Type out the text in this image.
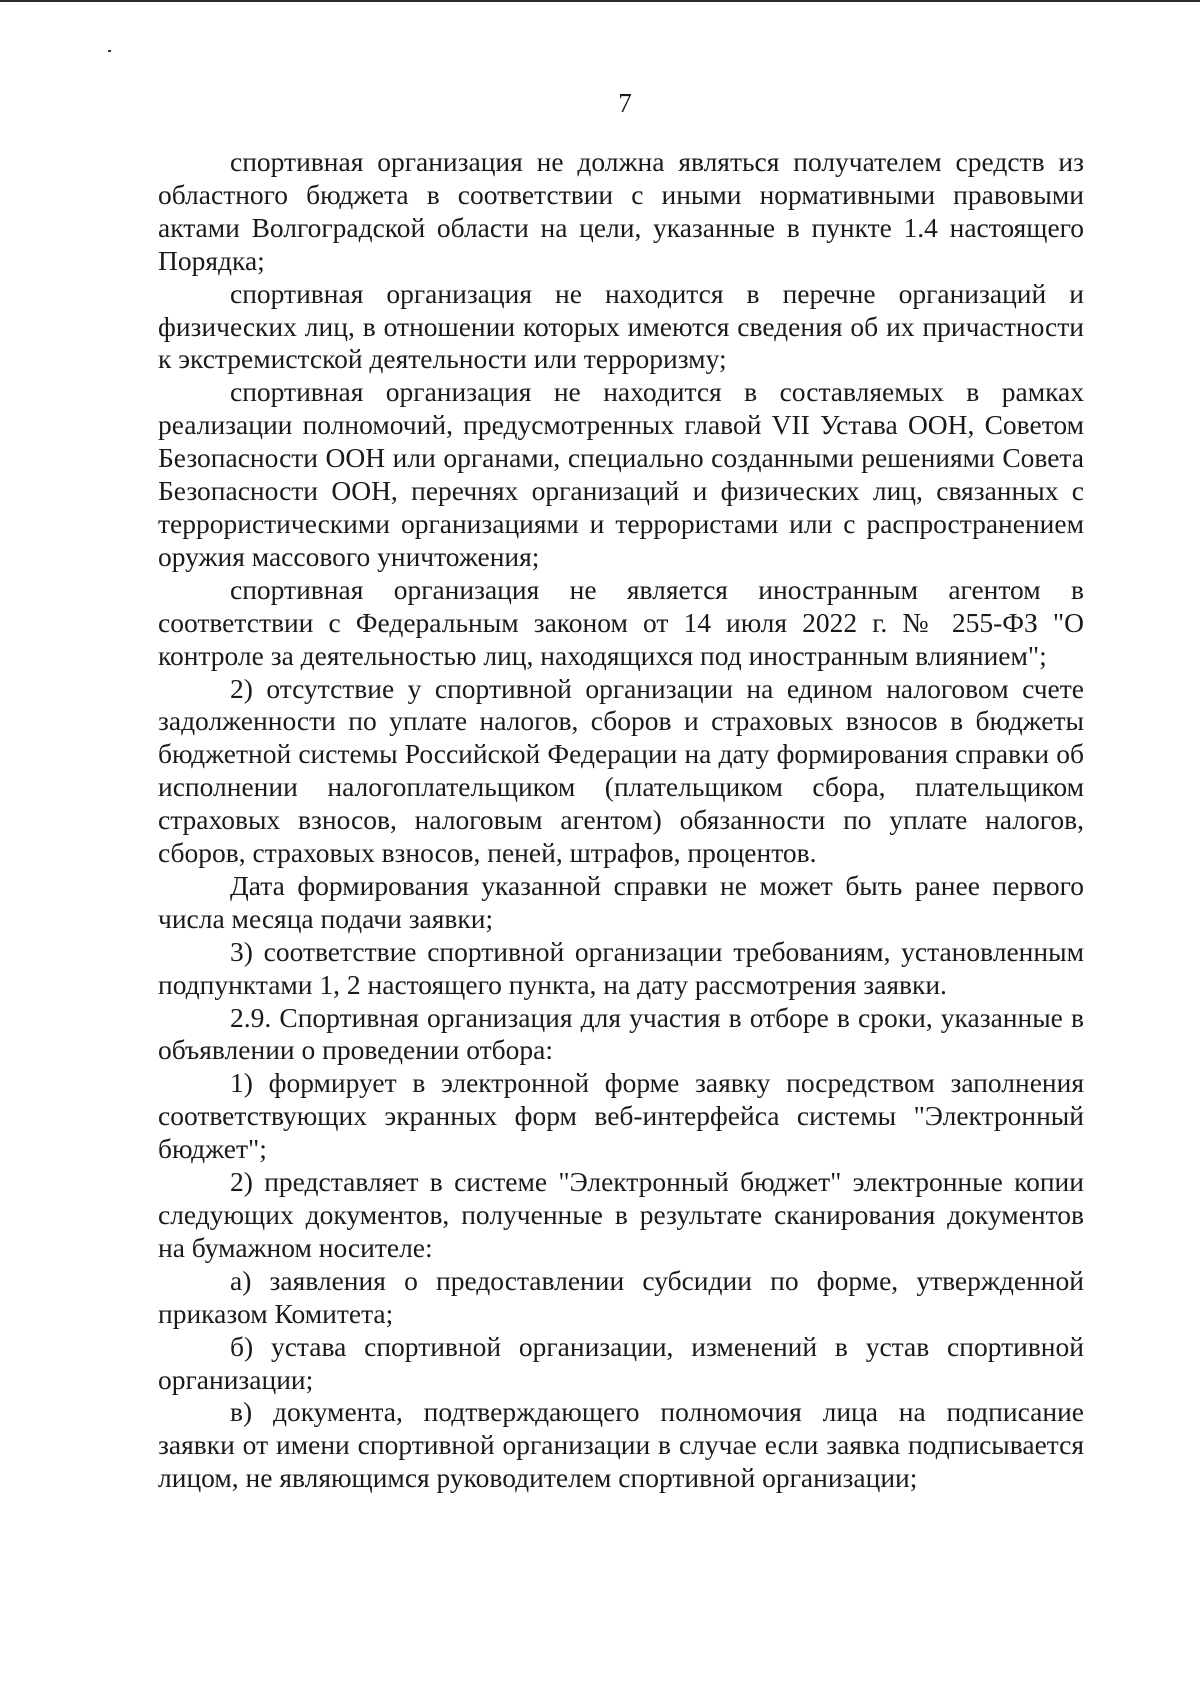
7

спортивная организация не должна являться получателем средств из областного бюджета в соответствии с иными нормативными правовыми актами Волгоградской области на цели, указанные в пункте 1.4 настоящего Порядка;

спортивная организация не находится в перечне организаций и физических лиц, в отношении которых имеются сведения об их причастности к экстремистской деятельности или терроризму;

спортивная организация не находится в составляемых в рамках реализации полномочий, предусмотренных главой VII Устава ООН, Советом Безопасности ООН или органами, специально созданными решениями Совета Безопасности ООН, перечнях организаций и физических лиц, связанных с террористическими организациями и террористами или с распространением оружия массового уничтожения;

спортивная организация не является иностранным агентом в соответствии с Федеральным законом от 14 июля 2022 г. № 255-ФЗ "О контроле за деятельностью лиц, находящихся под иностранным влиянием";

2) отсутствие у спортивной организации на едином налоговом счете задолженности по уплате налогов, сборов и страховых взносов в бюджеты бюджетной системы Российской Федерации на дату формирования справки об исполнении налогоплательщиком (плательщиком сбора, плательщиком страховых взносов, налоговым агентом) обязанности по уплате налогов, сборов, страховых взносов, пеней, штрафов, процентов.

Дата формирования указанной справки не может быть ранее первого числа месяца подачи заявки;

3) соответствие спортивной организации требованиям, установленным подпунктами 1, 2 настоящего пункта, на дату рассмотрения заявки.

2.9. Спортивная организация для участия в отборе в сроки, указанные в объявлении о проведении отбора:

1) формирует в электронной форме заявку посредством заполнения соответствующих экранных форм веб-интерфейса системы "Электронный бюджет";

2) представляет в системе "Электронный бюджет" электронные копии следующих документов, полученные в результате сканирования документов на бумажном носителе:

а) заявления о предоставлении субсидии по форме, утвержденной приказом Комитета;

б) устава спортивной организации, изменений в устав спортивной организации;

в) документа, подтверждающего полномочия лица на подписание заявки от имени спортивной организации в случае если заявка подписывается лицом, не являющимся руководителем спортивной организации;
